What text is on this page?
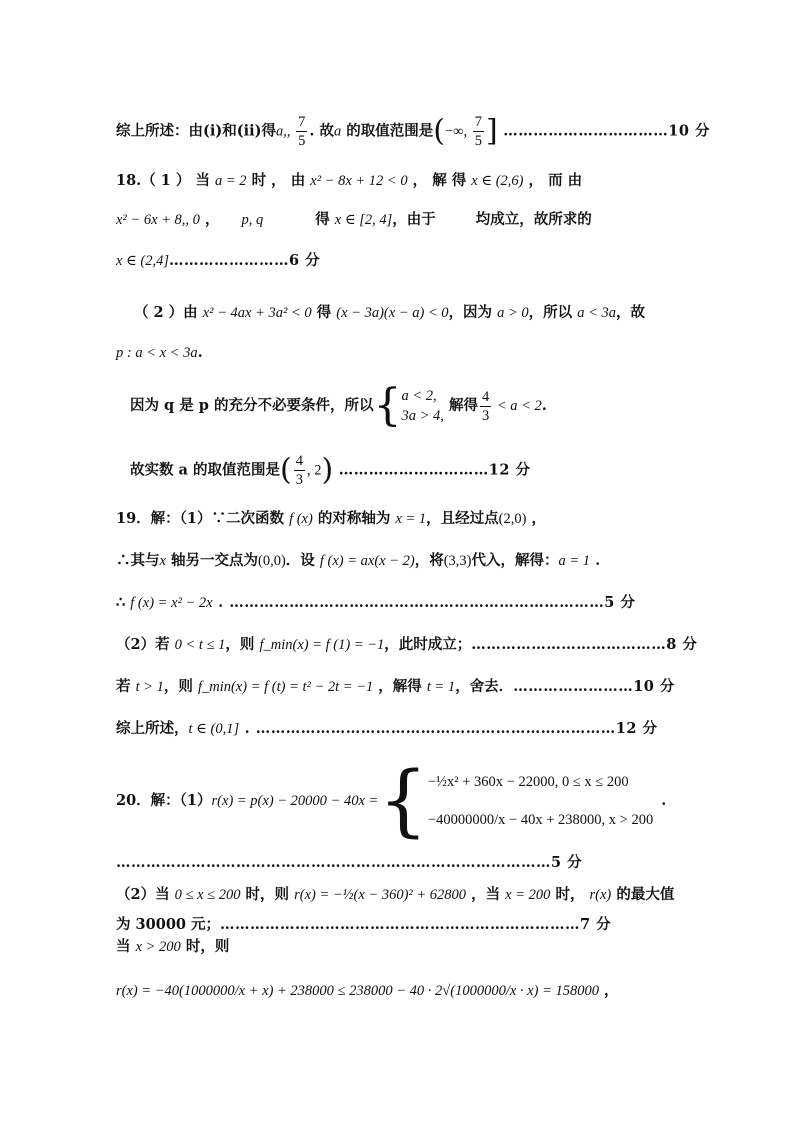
综上所述：由(i)和(ii)得a,, $\frac{7}{5}$ . 故a 的取值范围是(−∞, $\frac{7}{5}$ ] ……………………………10 分
18.（ 1 ） 当 a = 2 时 ， 由 x² − 8x + 12 < 0 ， 解 得 x ∈ (2,6) ， 而 由
x² − 6x + 8,, 0 ， p, q	得 x ∈ [2, 4]，由于	均成立，故所求的
x ∈ (2,4]……………………6 分
（ 2 ）由 x² − 4ax + 3a² < 0 得 (x − 3a)(x − a) < 0，因为 a > 0，所以 a < 3a，故
p : a < x < 3a.
因为 q 是 p 的充分不必要条件，所以{ a < 2,
3a > 4,
解得 $\frac{4}{3} < a < 2$.
故实数 a 的取值范围是( $\frac{4}{3}$ , 2) …………………………12 分
19．解：（1）∵二次函数 f (x) 的对称轴为 x = 1，且经过点(2,0) ，
∴其与x 轴另一交点为(0,0)．设 f (x) = ax(x − 2)，将(3,3)代入，解得：a = 1 .
∴ f (x) = x² − 2x . …………………………………………………………………5 分
（2）若 0 < t ≤ 1，则 f_min(x) = f (1) = −1，此时成立；…………………………………8 分
若 t > 1，则 f_min(x) = f (t) = t² − 2t = −1 ，解得 t = 1，舍去．……………………10 分
综上所述，t ∈ (0,1] . ………………………………………………………………12 分
20．解：（1）r(x) = p(x) − 20000 − 40x ={ −½x² + 360x − 22000, 0 ≤ x ≤ 200
−40000000/x − 40x + 238000, x > 200
.
……………………………………………………………………………5 分
（2）当 0 ≤ x ≤ 200 时，则 r(x) = −½(x − 360)² + 62800 ，当 x = 200 时， r(x) 的最大值
为 30000 元；………………………………………………………………7 分
当 x > 200 时，则
r(x) = −40(1000000/x + x) + 238000 ≤ 238000 − 40 · 2√(1000000/x · x) = 158000 ，
